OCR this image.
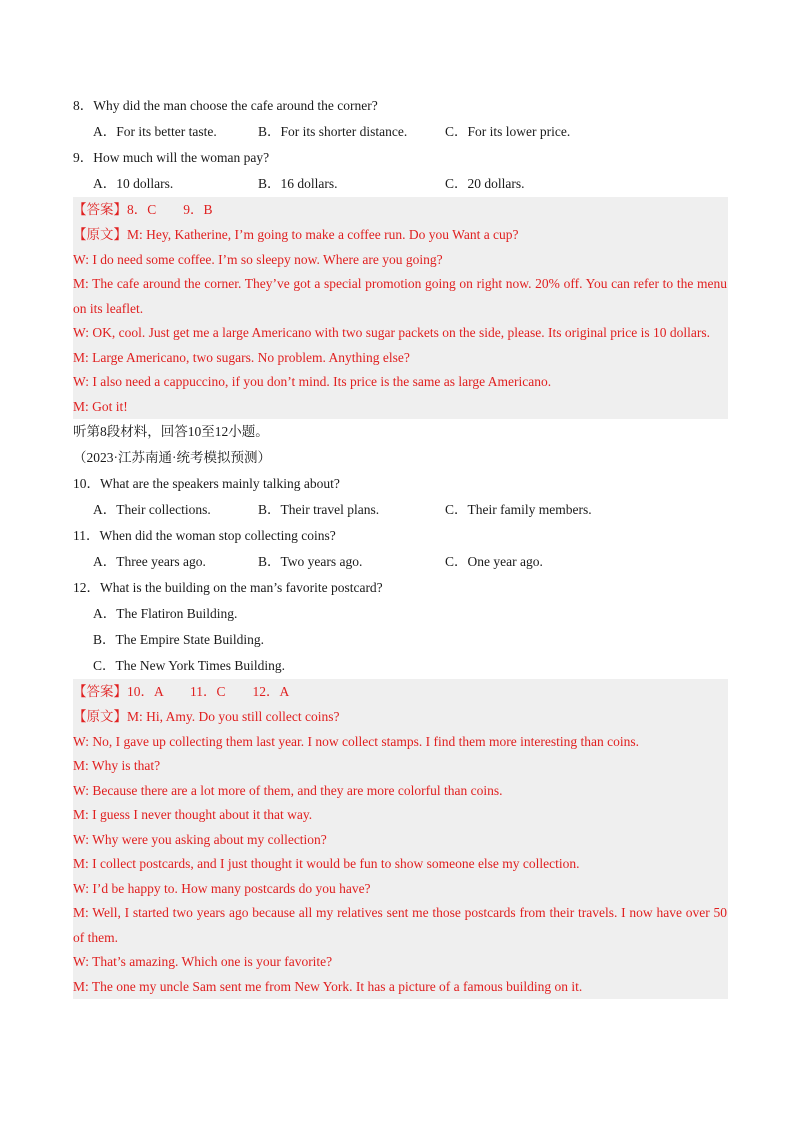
8．Why did the man choose the cafe around the corner?
A．For its better taste.	B．For its shorter distance.	C．For its lower price.
9．How much will the woman pay?
A．10 dollars.	B．16 dollars.	C．20 dollars.
【答案】8．C　　9．B
【原文】M: Hey, Katherine, I’m going to make a coffee run. Do you Want a cup?
W: I do need some coffee. I’m so sleepy now. Where are you going?
M: The cafe around the corner. They’ve got a special promotion going on right now. 20% off. You can refer to the menu on its leaflet.
W: OK, cool. Just get me a large Americano with two sugar packets on the side, please. Its original price is 10 dollars.
M: Large Americano, two sugars. No problem. Anything else?
W: I also need a cappuccino, if you don’t mind. Its price is the same as large Americano.
M: Got it!
听第8段材料，回答10至12小题。
（2023·江苏南通·统考模拟预测）
10．What are the speakers mainly talking about?
A．Their collections.	B．Their travel plans.	C．Their family members.
11．When did the woman stop collecting coins?
A．Three years ago.	B．Two years ago.	C．One year ago.
12．What is the building on the man’s favorite postcard?
A．The Flatiron Building.
B．The Empire State Building.
C．The New York Times Building.
【答案】10．A　　11．C　　12．A
【原文】M: Hi, Amy. Do you still collect coins?
W: No, I gave up collecting them last year. I now collect stamps. I find them more interesting than coins.
M: Why is that?
W: Because there are a lot more of them, and they are more colorful than coins.
M: I guess I never thought about it that way.
W: Why were you asking about my collection?
M: I collect postcards, and I just thought it would be fun to show someone else my collection.
W: I’d be happy to. How many postcards do you have?
M: Well, I started two years ago because all my relatives sent me those postcards from their travels. I now have over 50 of them.
W: That’s amazing. Which one is your favorite?
M: The one my uncle Sam sent me from New York. It has a picture of a famous building on it.
